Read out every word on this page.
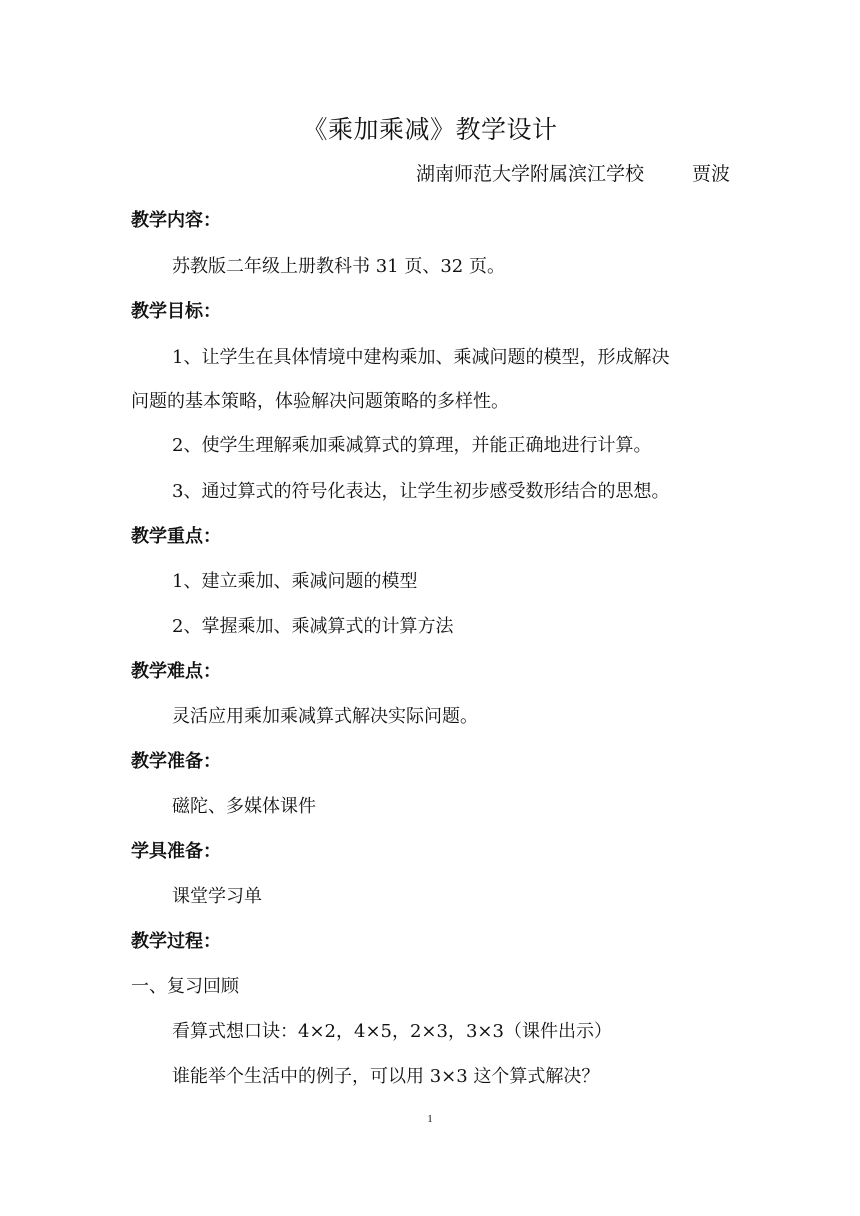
《乘加乘减》教学设计
湖南师范大学附属滨江学校	贾波
教学内容：
苏教版二年级上册教科书 31 页、32 页。
教学目标：
1、让学生在具体情境中建构乘加、乘减问题的模型，形成解决
问题的基本策略，体验解决问题策略的多样性。
2、使学生理解乘加乘减算式的算理，并能正确地进行计算。
3、通过算式的符号化表达，让学生初步感受数形结合的思想。
教学重点：
1、建立乘加、乘减问题的模型
2、掌握乘加、乘减算式的计算方法
教学难点：
灵活应用乘加乘减算式解决实际问题。
教学准备：
磁陀、多媒体课件
学具准备：
课堂学习单
教学过程：
一、复习回顾
看算式想口诀：4×2，4×5，2×3，3×3（课件出示）
谁能举个生活中的例子，可以用 3×3 这个算式解决？
1
